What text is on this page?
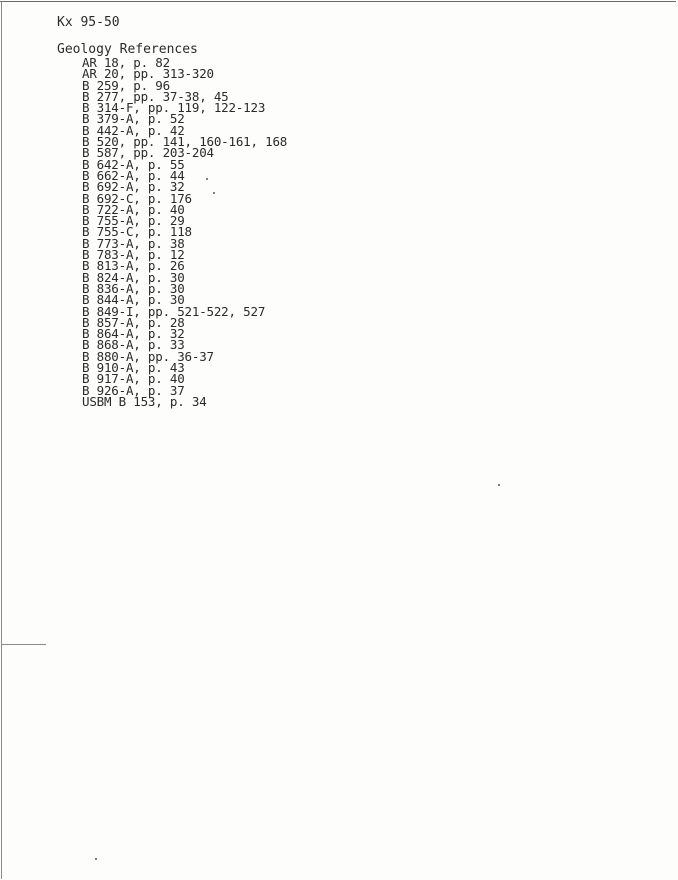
Kx 95-50
Geology References
AR 18, p. 82
AR 20, pp. 313-320
B 259, p. 96
B 277, pp. 37-38, 45
B 314-F, pp. 119, 122-123
B 379-A, p. 52
B 442-A, p. 42
B 520, pp. 141, 160-161, 168
B 587, pp. 203-204
B 642-A, p. 55
B 662-A, p. 44
B 692-A, p. 32
B 692-C, p. 176
B 722-A, p. 40
B 755-A, p. 29
B 755-C, p. 118
B 773-A, p. 38
B 783-A, p. 12
B 813-A, p. 26
B 824-A, p. 30
B 836-A, p. 30
B 844-A, p. 30
B 849-I, pp. 521-522, 527
B 857-A, p. 28
B 864-A, p. 32
B 868-A, p. 33
B 880-A, pp. 36-37
B 910-A, p. 43
B 917-A, p. 40
B 926-A, p. 37
USBM B 153, p. 34
